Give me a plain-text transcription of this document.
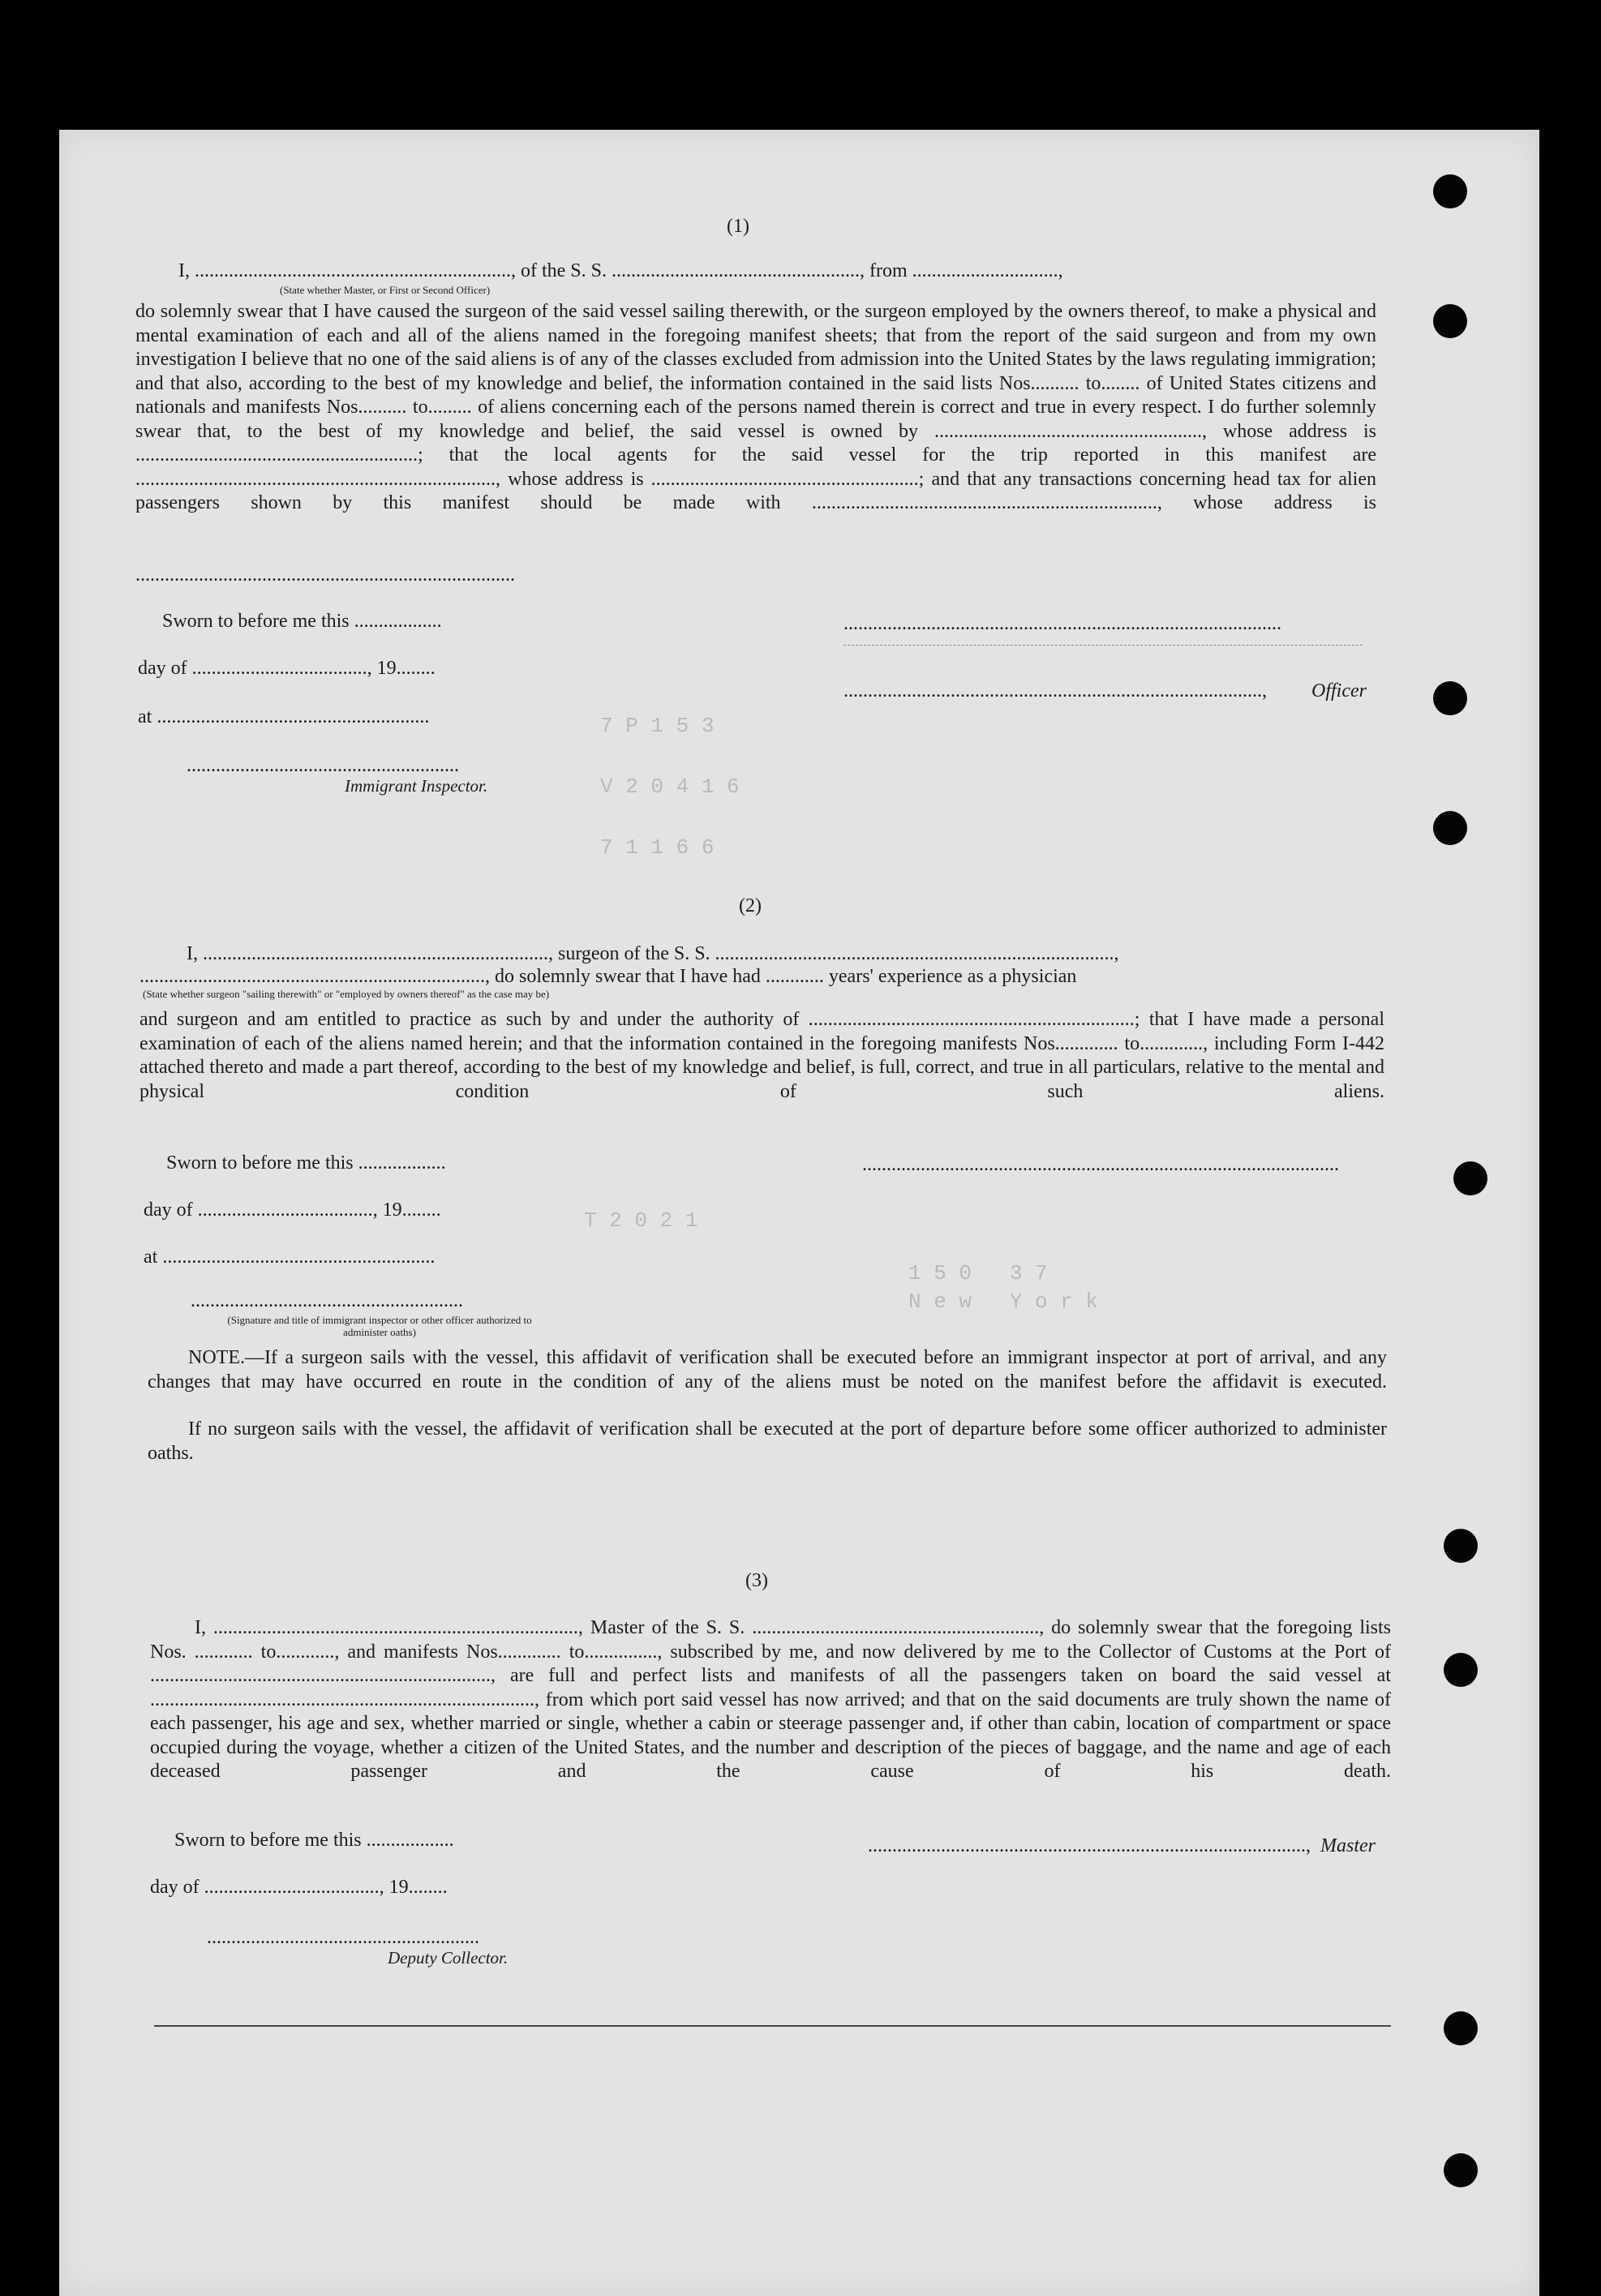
7 P 1 5 3
V 2 0 4 1 6
7 1 1 6 6
T 2 0 2 1
1 5 0   3 7
N e w   Y o r k
(1)
I, ................................................................., of the S. S. ..................................................., from ..............................,
(State whether Master, or First or Second Officer)
do solemnly swear that I have caused the surgeon of the said vessel sailing therewith, or the surgeon employed by the owners thereof, to make a physical and mental examination of each and all of the aliens named in the foregoing manifest sheets; that from the report of the said surgeon and from my own investigation I believe that no one of the said aliens is of any of the classes excluded from admission into the United States by the laws regulating immigration; and that also, according to the best of my knowledge and belief, the information contained in the said lists Nos.......... to........ of United States citizens and nationals and manifests Nos.......... to......... of aliens concerning each of the persons named therein is correct and true in every respect. I do further solemnly swear that, to the best of my knowledge and belief, the said vessel is owned by ......................................................., whose address is ..........................................................; that the local agents for the said vessel for the trip reported in this manifest are .........................................................................., whose address is .......................................................; and that any transactions concerning head tax for alien passengers shown by this manifest should be made with ......................................................................., whose address is
..............................................................................
Sworn to before me this ..................
day of ...................................., 19........
at ........................................................
........................................................
Immigrant Inspector.
..........................................................................................
......................................................................................, Officer
(2)
I, ......................................................................., surgeon of the S. S. ..................................................................................,
......................................................................., do solemnly swear that I have had ............ years' experience as a physician
(State whether surgeon "sailing therewith" or "employed by owners thereof" as the case may be)
and surgeon and am entitled to practice as such by and under the authority of ...................................................................; that I have made a personal examination of each of the aliens named herein; and that the information contained in the foregoing manifests Nos............. to............., including Form I-442 attached thereto and made a part thereof, according to the best of my knowledge and belief, is full, correct, and true in all particulars, relative to the mental and physical condition of such aliens.
Sworn to before me this ..................
day of ...................................., 19........
at ........................................................
........................................................
(Signature and title of immigrant inspector or other officer authorized to administer oaths)
..................................................................................................
NOTE.—If a surgeon sails with the vessel, this affidavit of verification shall be executed before an immigrant inspector at port of arrival, and any changes that may have occurred en route in the condition of any of the aliens must be noted on the manifest before the affidavit is executed.
If no surgeon sails with the vessel, the affidavit of verification shall be executed at the port of departure before some officer authorized to administer oaths.
(3)
I, ..........................................................................., Master of the S. S. ..........................................................., do solemnly swear that the foregoing lists Nos. ............ to............, and manifests Nos............. to..............., subscribed by me, and now delivered by me to the Collector of Customs at the Port of ......................................................................, are full and perfect lists and manifests of all the passengers taken on board the said vessel at ..............................................................................., from which port said vessel has now arrived; and that on the said documents are truly shown the name of each passenger, his age and sex, whether married or single, whether a cabin or steerage passenger and, if other than cabin, location of compartment or space occupied during the voyage, whether a citizen of the United States, and the number and description of the pieces of baggage, and the name and age of each deceased passenger and the cause of his death.
Sworn to before me this ..................
day of ...................................., 19........
........................................................
Deputy Collector.
.........................................................................................., Master
